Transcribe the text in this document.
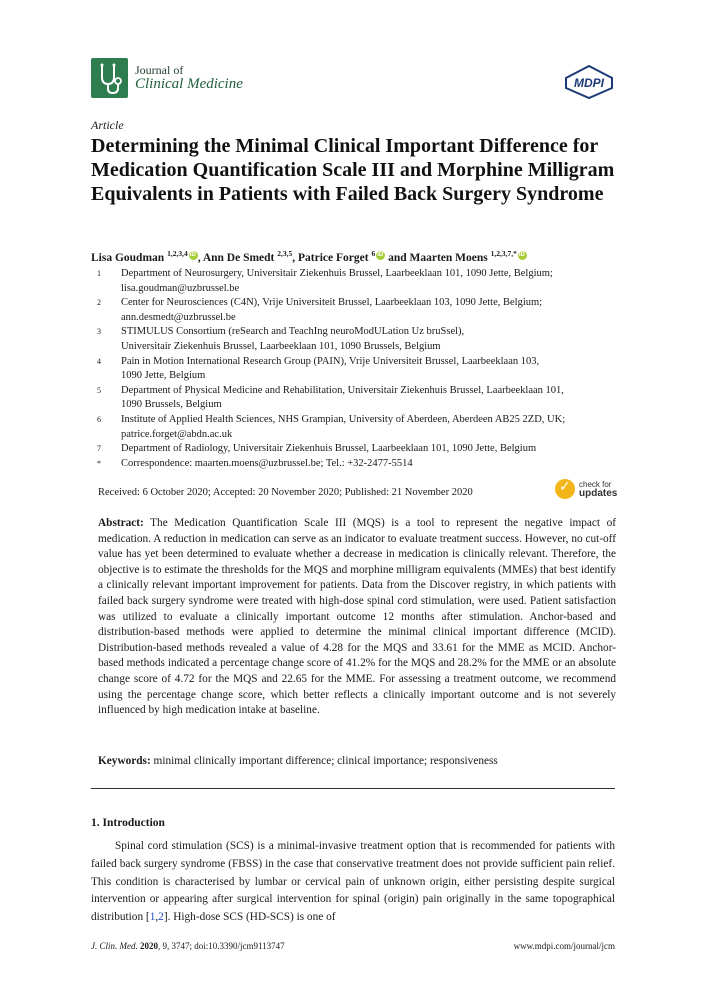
Journal of
Clinical Medicine	MDPI
Article
Determining the Minimal Clinical Important Difference for Medication Quantification Scale III and Morphine Milligram Equivalents in Patients with Failed Back Surgery Syndrome
Lisa Goudman $^{1,2,3,4}$iD , Ann De Smedt $^{2,3,5}$, Patrice Forget $^6$iD and Maarten Moens $^{1,2,3,7,*}$iD
1	Department of Neurosurgery, Universitair Ziekenhuis Brussel, Laarbeeklaan 101, 1090 Jette, Belgium;
lisa.goudman@uzbrussel.be
2	Center for Neurosciences (C4N), Vrije Universiteit Brussel, Laarbeeklaan 103, 1090 Jette, Belgium;
ann.desmedt@uzbrussel.be
3	STIMULUS Consortium (reSearch and TeachIng neuroModULation Uz bruSsel),
Universitair Ziekenhuis Brussel, Laarbeeklaan 101, 1090 Brussels, Belgium
4	Pain in Motion International Research Group (PAIN), Vrije Universiteit Brussel, Laarbeeklaan 103,
1090 Jette, Belgium
5	Department of Physical Medicine and Rehabilitation, Universitair Ziekenhuis Brussel, Laarbeeklaan 101,
1090 Brussels, Belgium
6	Institute of Applied Health Sciences, NHS Grampian, University of Aberdeen, Aberdeen AB25 2ZD, UK;
patrice.forget@abdn.ac.uk
7	Department of Radiology, Universitair Ziekenhuis Brussel, Laarbeeklaan 101, 1090 Jette, Belgium
*	Correspondence: maarten.moens@uzbrussel.be; Tel.: +32-2477-5514
Received: 6 October 2020; Accepted: 20 November 2020; Published: 21 November 2020
✓
check for
updates
Abstract: The Medication Quantification Scale III (MQS) is a tool to represent the negative impact of medication. A reduction in medication can serve as an indicator to evaluate treatment success. However, no cut-off value has yet been determined to evaluate whether a decrease in medication is clinically relevant. Therefore, the objective is to estimate the thresholds for the MQS and morphine milligram equivalents (MMEs) that best identify a clinically relevant important improvement for patients. Data from the Discover registry, in which patients with failed back surgery syndrome were treated with high-dose spinal cord stimulation, were used. Patient satisfaction was utilized to evaluate a clinically important outcome 12 months after stimulation. Anchor-based and distribution-based methods were applied to determine the minimal clinical important difference (MCID). Distribution-based methods revealed a value of 4.28 for the MQS and 33.61 for the MME as MCID. Anchor-based methods indicated a percentage change score of 41.2% for the MQS and 28.2% for the MME or an absolute change score of 4.72 for the MQS and 22.65 for the MME. For assessing a treatment outcome, we recommend using the percentage change score, which better reflects a clinically important outcome and is not severely influenced by high medication intake at baseline.
Keywords: minimal clinically important difference; clinical importance; responsiveness
1. Introduction
Spinal cord stimulation (SCS) is a minimal-invasive treatment option that is recommended for patients with failed back surgery syndrome (FBSS) in the case that conservative treatment does not provide sufficient pain relief. This condition is characterised by lumbar or cervical pain of unknown origin, either persisting despite surgical intervention or appearing after surgical intervention for spinal (origin) pain originally in the same topographical distribution [1,2]. High-dose SCS (HD-SCS) is one of
J. Clin. Med. 2020, 9, 3747; doi:10.3390/jcm9113747	www.mdpi.com/journal/jcm
